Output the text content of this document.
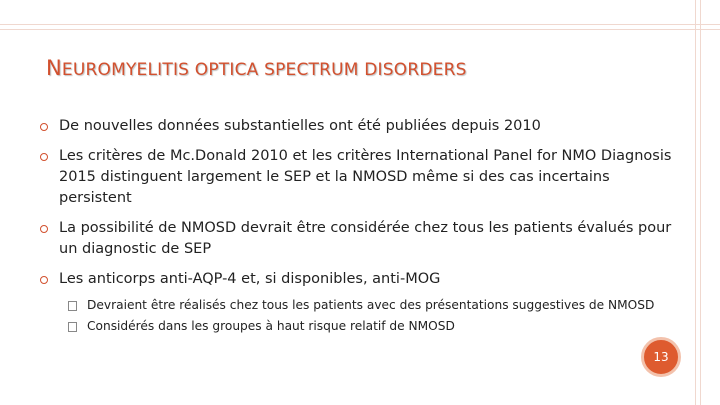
NEUROMYELITIS OPTICA SPECTRUM DISORDERS
De nouvelles données substantielles ont été publiées depuis 2010
Les critères de Mc.Donald 2010 et les critères International Panel for NMO Diagnosis 2015 distinguent largement le SEP et la NMOSD même si des cas incertains persistent
La possibilité de NMOSD devrait être considérée chez tous les patients évalués pour un diagnostic de SEP
Les anticorps anti-AQP-4 et, si disponibles, anti-MOG
Devraient être réalisés chez tous les patients avec des présentations suggestives de NMOSD
Considérés dans les groupes à haut risque relatif de NMOSD
13
